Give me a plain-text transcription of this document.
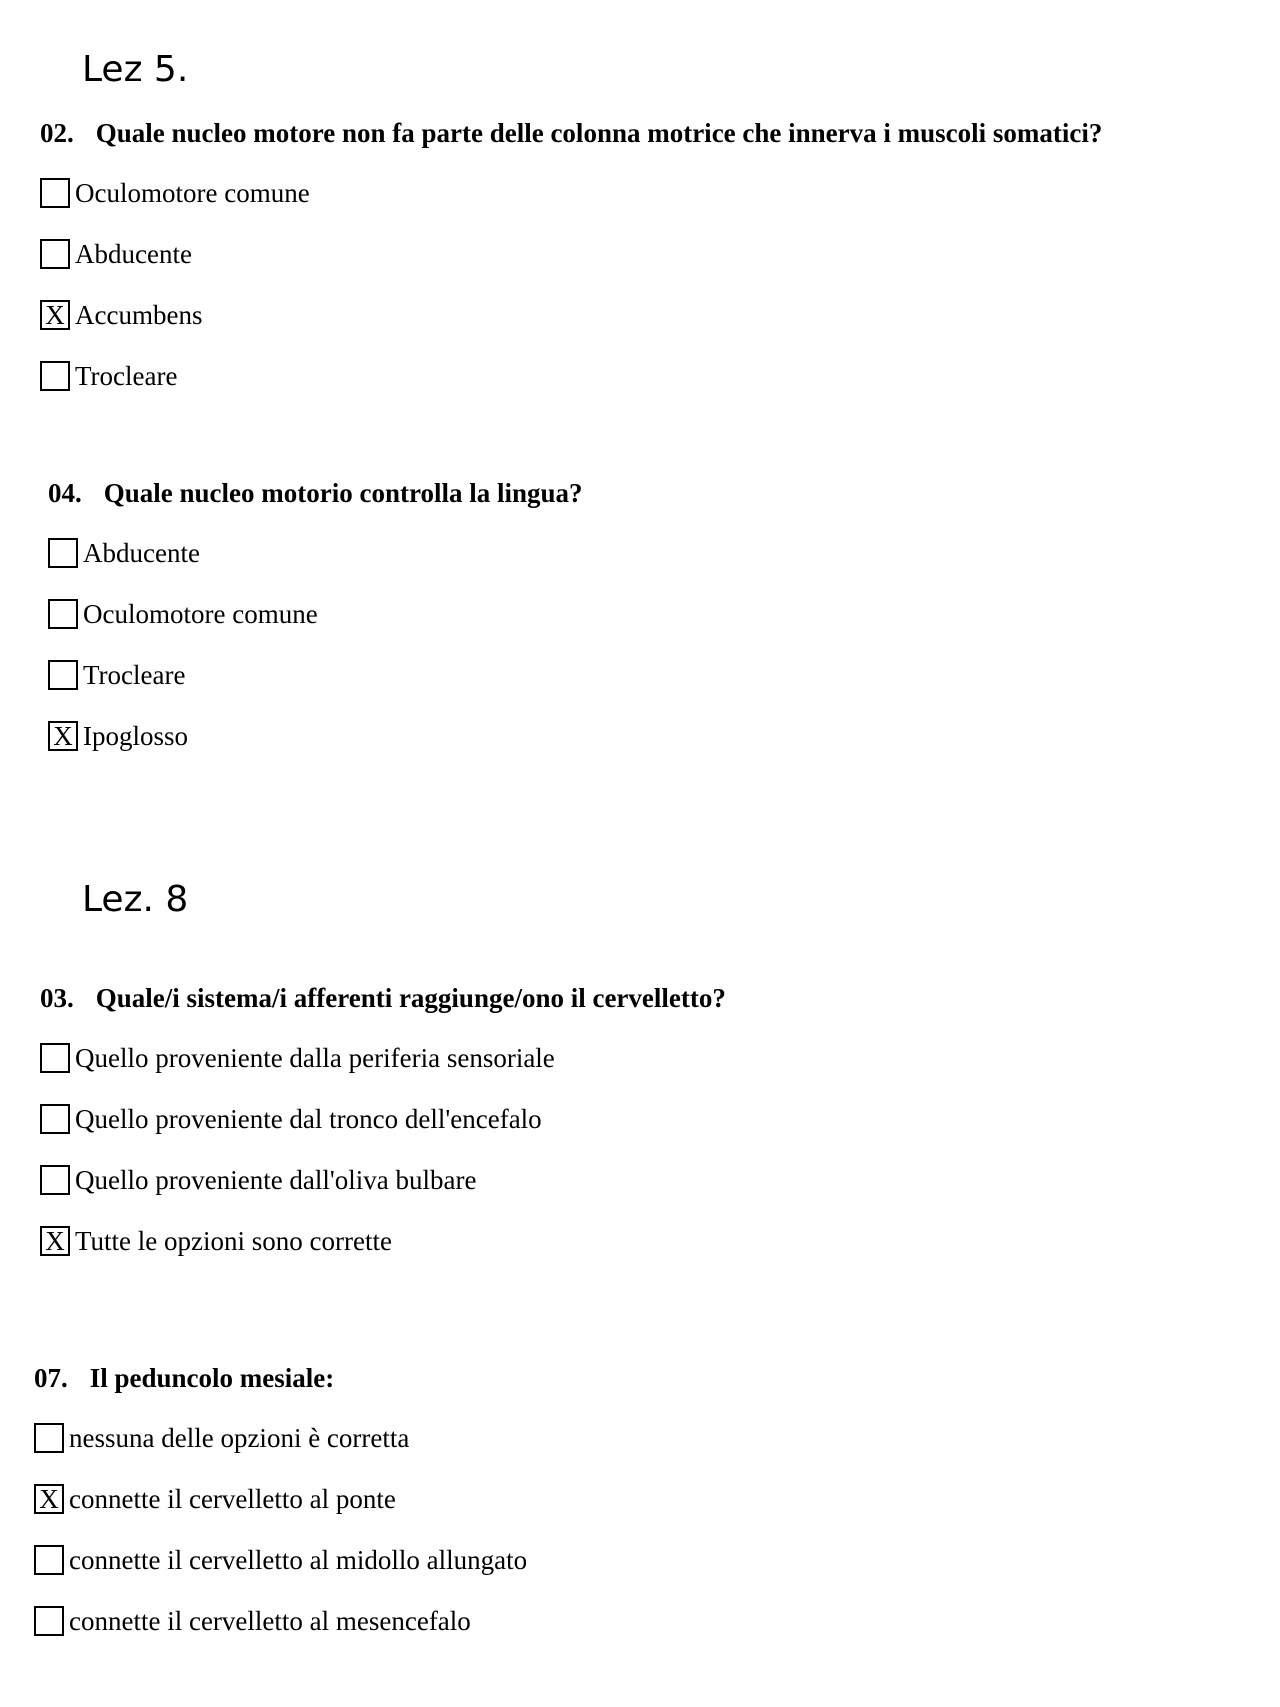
Lez 5.
02. Quale nucleo motore non fa parte delle colonna motrice che innerva i muscoli somatici?
Oculomotore comune
Abducente
X Accumbens
Trocleare
04. Quale nucleo motorio controlla la lingua?
Abducente
Oculomotore comune
Trocleare
X Ipoglosso
Lez. 8
03. Quale/i sistema/i afferenti raggiunge/ono il cervelletto?
Quello proveniente dalla periferia sensoriale
Quello proveniente dal tronco dell'encefalo
Quello proveniente dall'oliva bulbare
X Tutte le opzioni sono corrette
07. Il peduncolo mesiale:
nessuna delle opzioni è corretta
X connette il cervelletto al ponte
connette il cervelletto al midollo allungato
connette il cervelletto al mesencefalo
